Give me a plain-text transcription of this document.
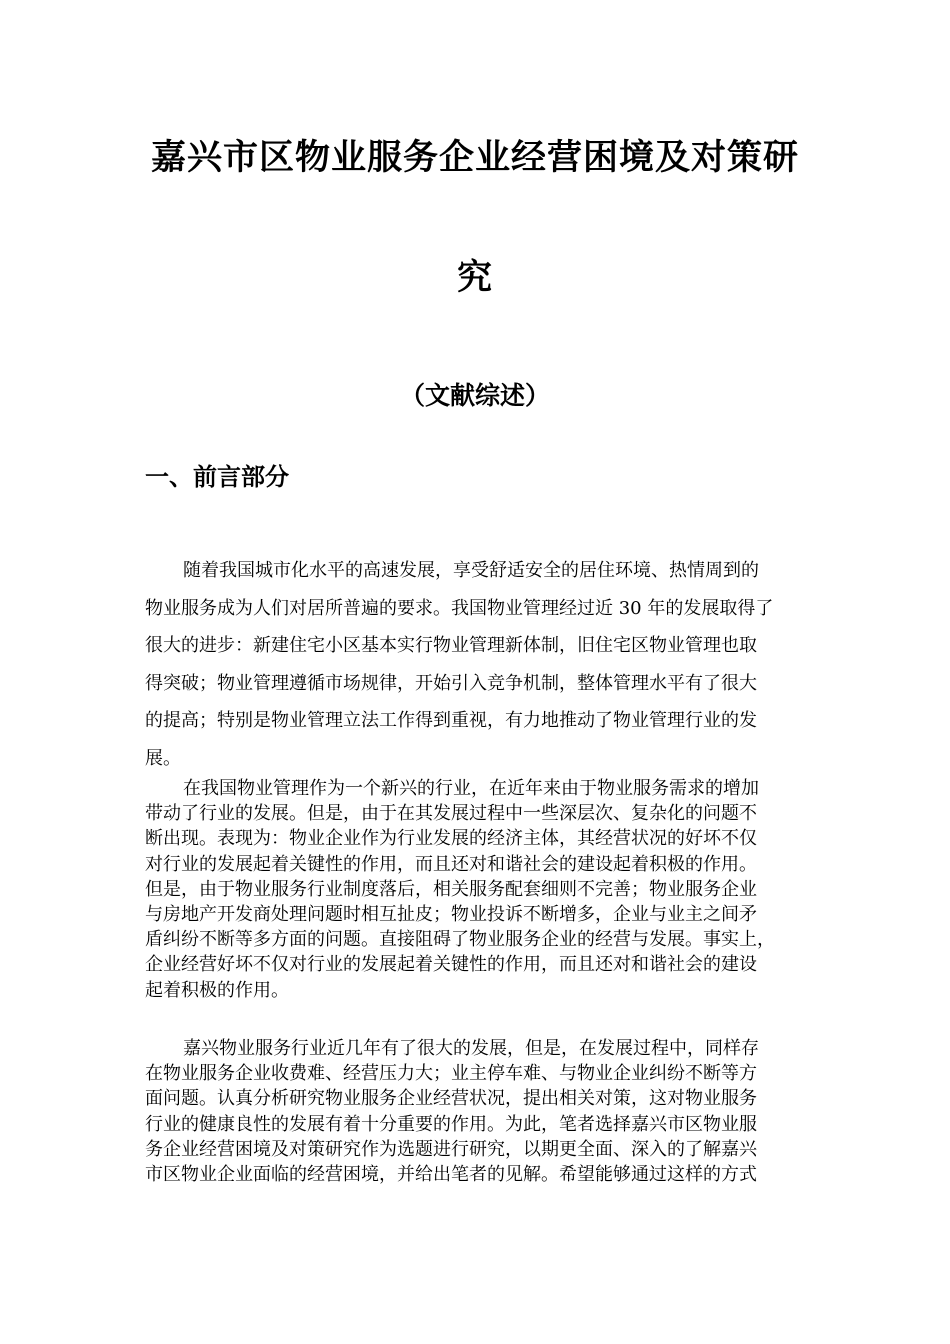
嘉兴市区物业服务企业经营困境及对策研
究
（文献综述）
一、前言部分
随着我国城市化水平的高速发展，享受舒适安全的居住环境、热情周到的
物业服务成为人们对居所普遍的要求。我国物业管理经过近 30 年的发展取得了
很大的进步：新建住宅小区基本实行物业管理新体制，旧住宅区物业管理也取
得突破；物业管理遵循市场规律，开始引入竞争机制，整体管理水平有了很大
的提高；特别是物业管理立法工作得到重视，有力地推动了物业管理行业的发
展。
在我国物业管理作为一个新兴的行业，在近年来由于物业服务需求的增加
带动了行业的发展。但是，由于在其发展过程中一些深层次、复杂化的问题不
断出现。表现为：物业企业作为行业发展的经济主体，其经营状况的好坏不仅
对行业的发展起着关键性的作用，而且还对和谐社会的建设起着积极的作用。
但是，由于物业服务行业制度落后，相关服务配套细则不完善；物业服务企业
与房地产开发商处理问题时相互扯皮；物业投诉不断增多，企业与业主之间矛
盾纠纷不断等多方面的问题。直接阻碍了物业服务企业的经营与发展。事实上，
企业经营好坏不仅对行业的发展起着关键性的作用，而且还对和谐社会的建设
起着积极的作用。
嘉兴物业服务行业近几年有了很大的发展，但是，在发展过程中，同样存
在物业服务企业收费难、经营压力大；业主停车难、与物业企业纠纷不断等方
面问题。认真分析研究物业服务企业经营状况，提出相关对策，这对物业服务
行业的健康良性的发展有着十分重要的作用。为此，笔者选择嘉兴市区物业服
务企业经营困境及对策研究作为选题进行研究，以期更全面、深入的了解嘉兴
市区物业企业面临的经营困境，并给出笔者的见解。希望能够通过这样的方式
